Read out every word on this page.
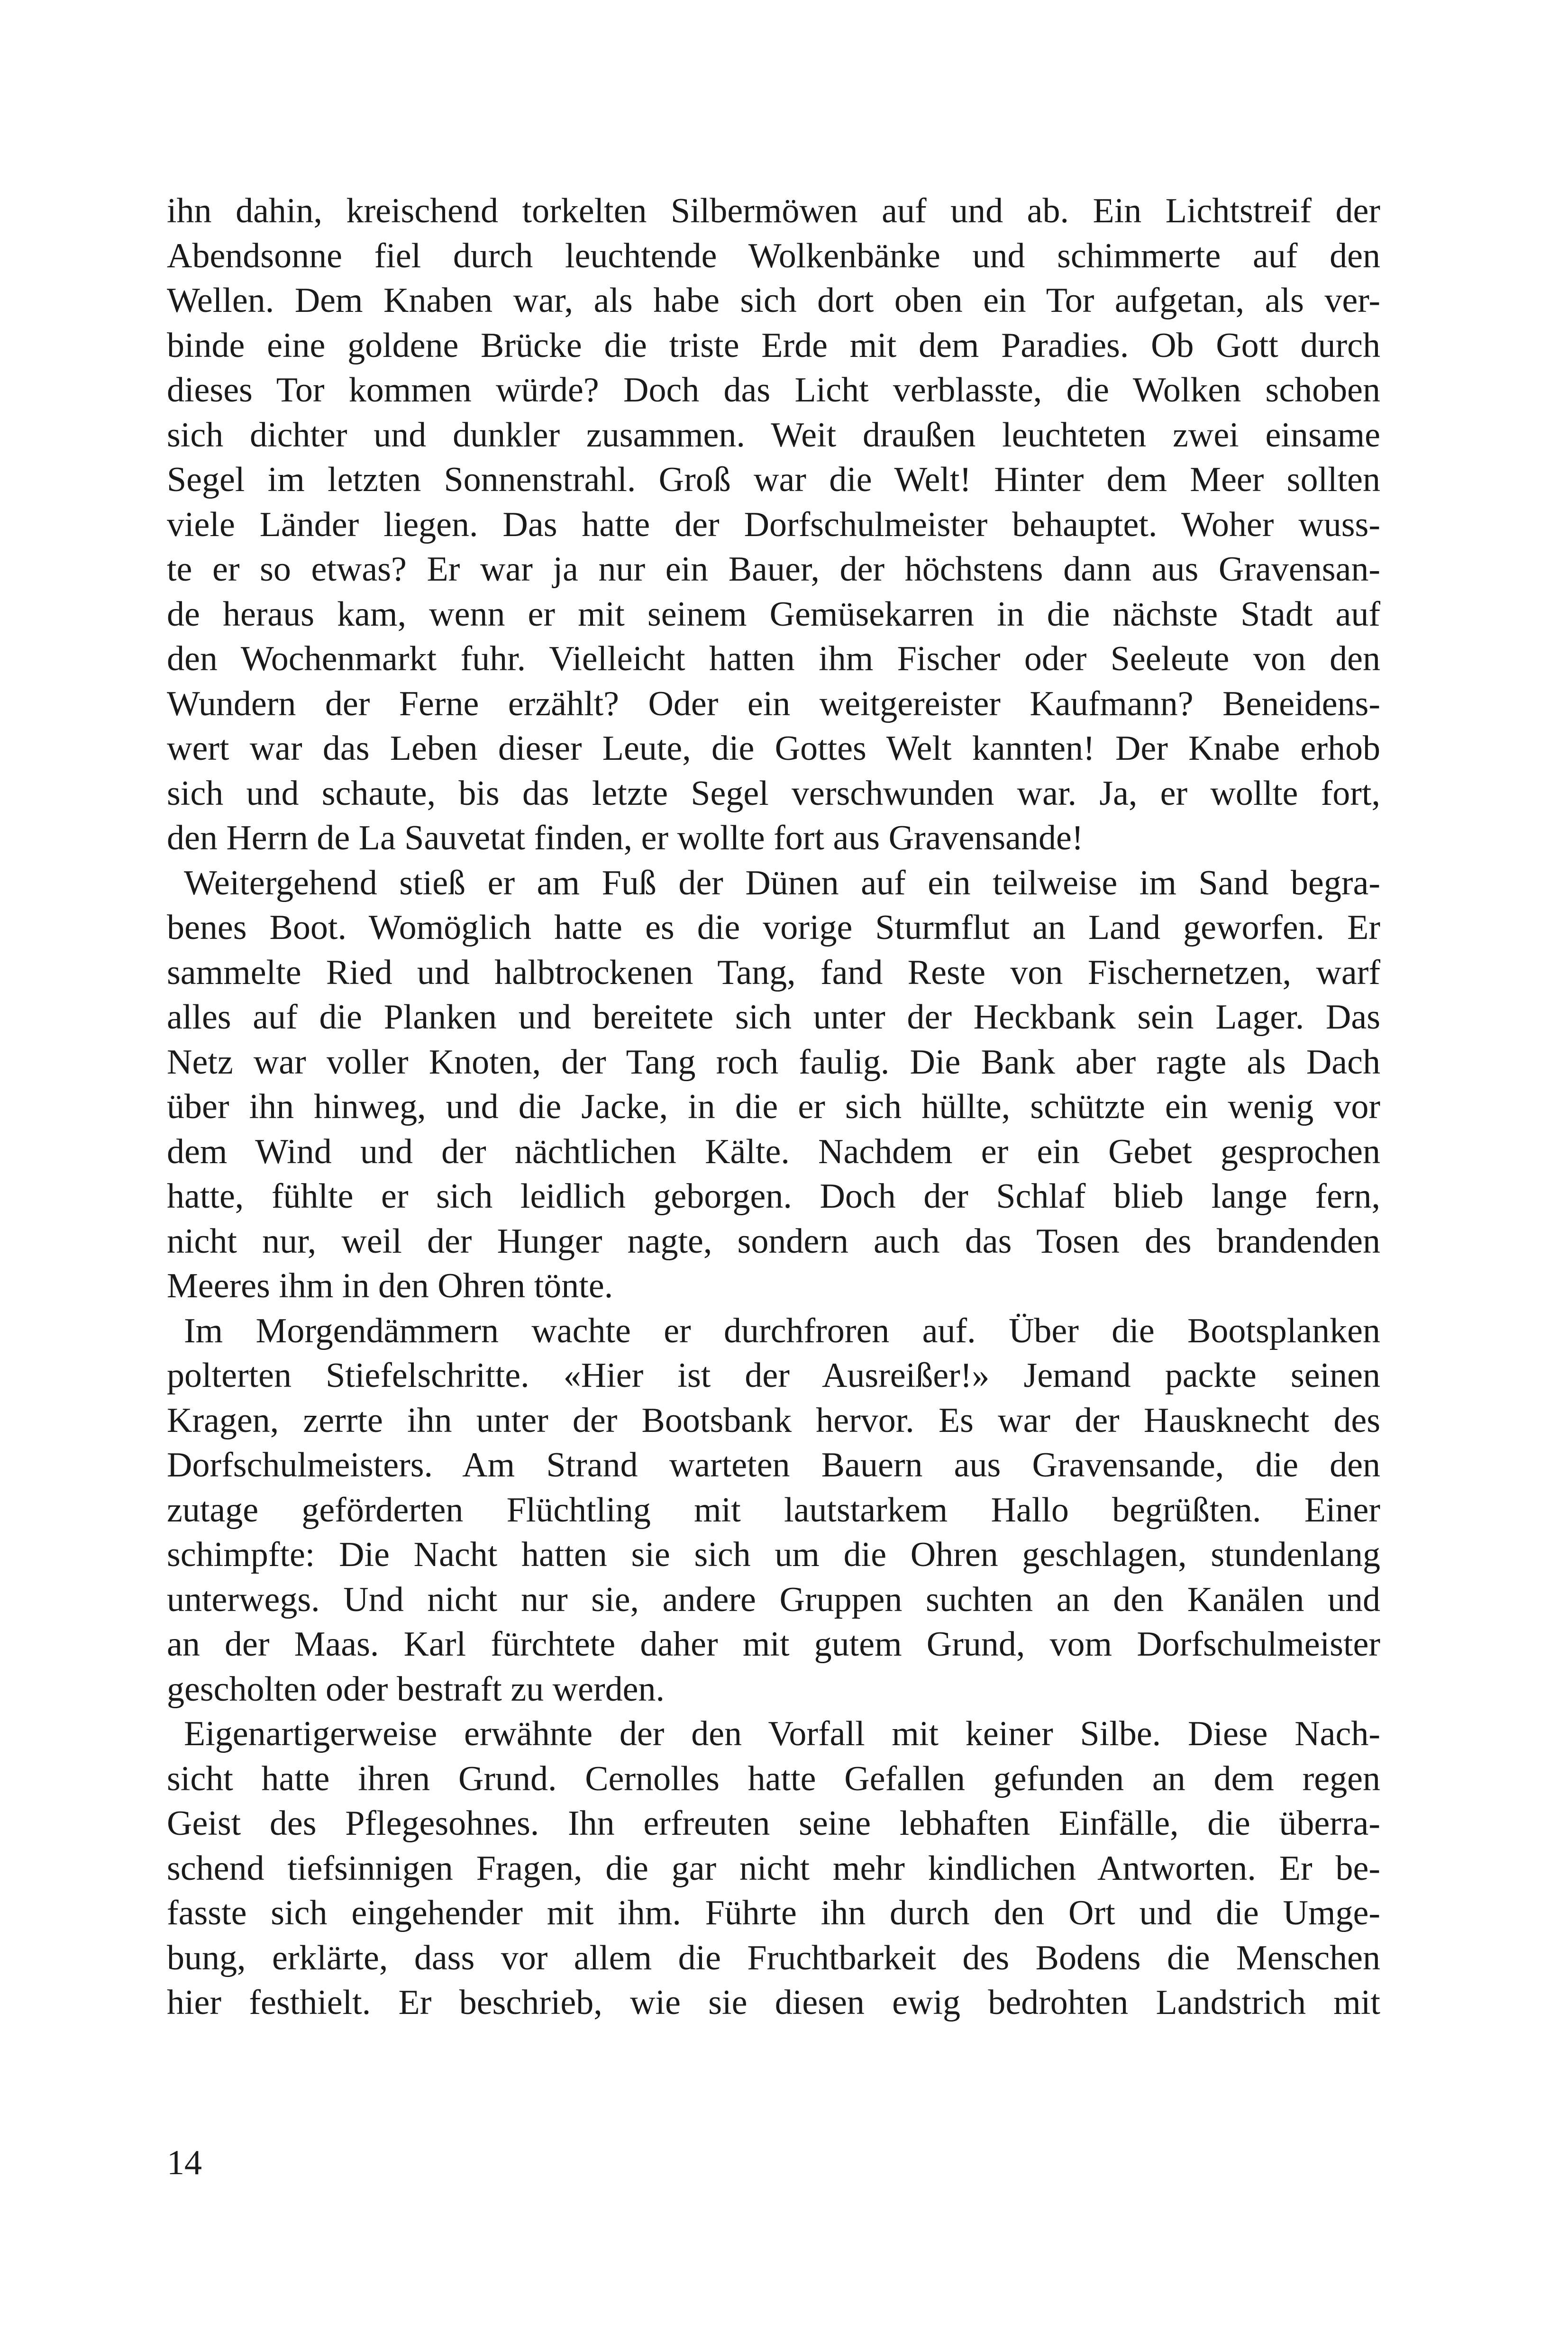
ihn dahin, kreischend torkelten Silbermöwen auf und ab. Ein Lichtstreif der
Abendsonne fiel durch leuchtende Wolkenbänke und schimmerte auf den
Wellen. Dem Knaben war, als habe sich dort oben ein Tor aufgetan, als ver-
binde eine goldene Brücke die triste Erde mit dem Paradies. Ob Gott durch
dieses Tor kommen würde? Doch das Licht verblasste, die Wolken schoben
sich dichter und dunkler zusammen. Weit draußen leuchteten zwei einsame
Segel im letzten Sonnenstrahl. Groß war die Welt! Hinter dem Meer sollten
viele Länder liegen. Das hatte der Dorfschulmeister behauptet. Woher wuss-
te er so etwas? Er war ja nur ein Bauer, der höchstens dann aus Gravensan-
de heraus kam, wenn er mit seinem Gemüsekarren in die nächste Stadt auf
den Wochenmarkt fuhr. Vielleicht hatten ihm Fischer oder Seeleute von den
Wundern der Ferne erzählt? Oder ein weitgereister Kaufmann? Beneidens-
wert war das Leben dieser Leute, die Gottes Welt kannten! Der Knabe erhob
sich und schaute, bis das letzte Segel verschwunden war. Ja, er wollte fort,
den Herrn de La Sauvetat finden, er wollte fort aus Gravensande!
Weitergehend stieß er am Fuß der Dünen auf ein teilweise im Sand begra-
benes Boot. Womöglich hatte es die vorige Sturmflut an Land geworfen. Er
sammelte Ried und halbtrockenen Tang, fand Reste von Fischernetzen, warf
alles auf die Planken und bereitete sich unter der Heckbank sein Lager. Das
Netz war voller Knoten, der Tang roch faulig. Die Bank aber ragte als Dach
über ihn hinweg, und die Jacke, in die er sich hüllte, schützte ein wenig vor
dem Wind und der nächtlichen Kälte. Nachdem er ein Gebet gesprochen
hatte, fühlte er sich leidlich geborgen. Doch der Schlaf blieb lange fern,
nicht nur, weil der Hunger nagte, sondern auch das Tosen des brandenden
Meeres ihm in den Ohren tönte.
Im Morgendämmern wachte er durchfroren auf. Über die Bootsplanken
polterten Stiefelschritte. «Hier ist der Ausreißer!» Jemand packte seinen
Kragen, zerrte ihn unter der Bootsbank hervor. Es war der Hausknecht des
Dorfschulmeisters. Am Strand warteten Bauern aus Gravensande, die den
zutage geförderten Flüchtling mit lautstarkem Hallo begrüßten. Einer
schimpfte: Die Nacht hatten sie sich um die Ohren geschlagen, stundenlang
unterwegs. Und nicht nur sie, andere Gruppen suchten an den Kanälen und
an der Maas. Karl fürchtete daher mit gutem Grund, vom Dorfschulmeister
gescholten oder bestraft zu werden.
Eigenartigerweise erwähnte der den Vorfall mit keiner Silbe. Diese Nach-
sicht hatte ihren Grund. Cernolles hatte Gefallen gefunden an dem regen
Geist des Pflegesohnes. Ihn erfreuten seine lebhaften Einfälle, die überra-
schend tiefsinnigen Fragen, die gar nicht mehr kindlichen Antworten. Er be-
fasste sich eingehender mit ihm. Führte ihn durch den Ort und die Umge-
bung, erklärte, dass vor allem die Fruchtbarkeit des Bodens die Menschen
hier festhielt. Er beschrieb, wie sie diesen ewig bedrohten Landstrich mit
14
